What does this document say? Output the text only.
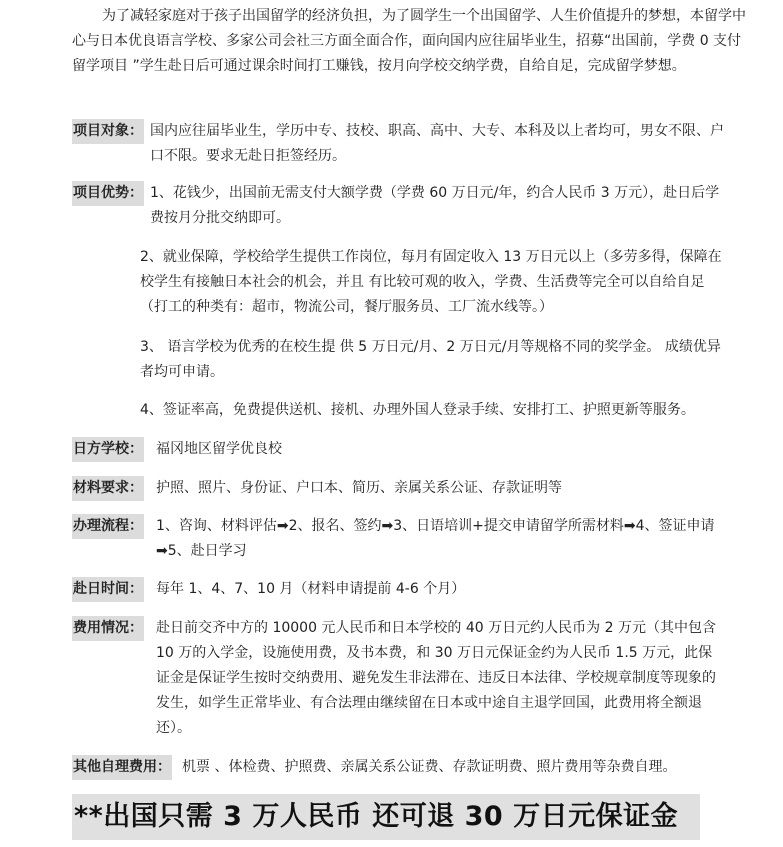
为了减轻家庭对于孩子出国留学的经济负担，为了圆学生一个出国留学、人生价值提升的梦想，本留学中心与日本优良语言学校、多家公司会社三方面全面合作，面向国内应往届毕业生，招募“出国前，学费 0 支付留学项目 ”学生赴日后可通过课余时间打工赚钱，按月向学校交纳学费，自给自足，完成留学梦想。
项目对象： 国内应往届毕业生，学历中专、技校、职高、高中、大专、本科及以上者均可，男女不限、户口不限。要求无赴日拒签经历。
项目优势： 1、花钱少，出国前无需支付大额学费（学费 60 万日元/年，约合人民币 3 万元），赴日后学费按月分批交纳即可。
2、就业保障，学校给学生提供工作岗位，每月有固定收入 13 万日元以上（多劳多得，保障在校学生有接触日本社会的机会，并且 有比较可观的收入，学费、生活费等完全可以自给自足（打工的种类有：超市，物流公司，餐厅服务员、工厂流水线等。）
3、 语言学校为优秀的在校生提 供 5 万日元/月、2 万日元/月等规格不同的奖学金。 成绩优异者均可申请。
4、签证率高，免费提供送机、接机、办理外国人登录手续、安排打工、护照更新等服务。
日方学校： 福冈地区留学优良校
材料要求： 护照、照片、身份证、户口本、简历、亲属关系公证、存款证明等
办理流程： 1、咨询、材料评估➡2、报名、签约➡3、日语培训+提交申请留学所需材料➡4、签证申请➡5、赴日学习
赴日时间： 每年 1、4、7、10 月（材料申请提前 4-6 个月）
费用情况： 赴日前交齐中方的 10000 元人民币和日本学校的 40 万日元约人民币为 2 万元（其中包含 10 万的入学金，设施使用费，及书本费，和 30 万日元保证金约为人民币 1.5 万元，此保证金是保证学生按时交纳费用、避免发生非法滞在、违反日本法律、学校规章制度等现象的发生，如学生正常毕业、有合法理由继续留在日本或中途自主退学回国，此费用将全额退还）。
其他自理费用： 机票 、体检费、护照费、亲属关系公证费、存款证明费、照片费用等杂费自理。
**出国只需 3 万人民币 还可退 30 万日元保证金
